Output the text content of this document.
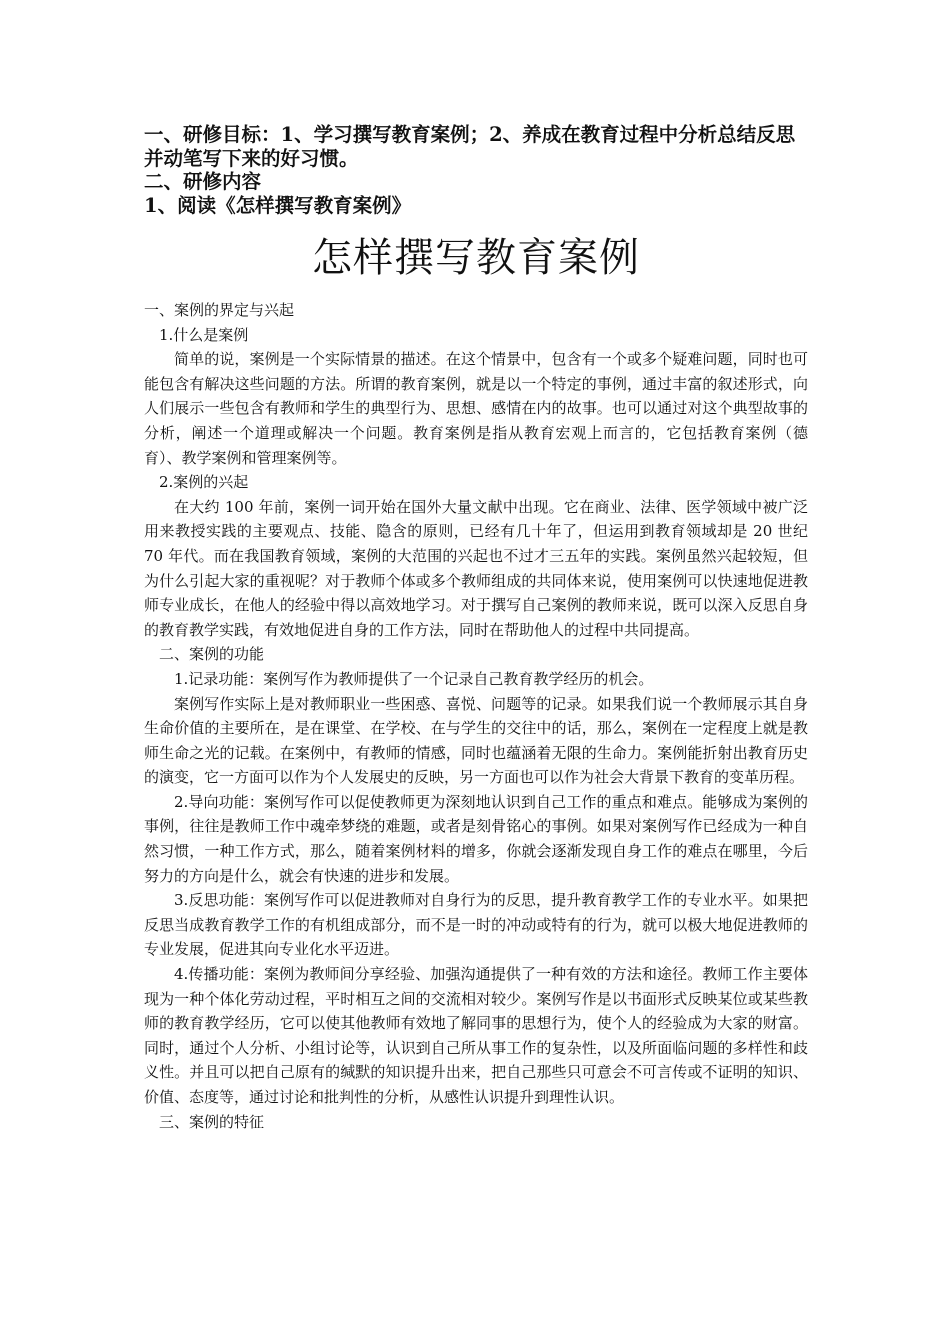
一、研修目标：1、学习撰写教育案例；2、养成在教育过程中分析总结反思并动笔写下来的好习惯。

二、研修内容

1、阅读《怎样撰写教育案例》

怎样撰写教育案例

一、案例的界定与兴起

1.什么是案例

简单的说，案例是一个实际情景的描述。在这个情景中，包含有一个或多个疑难问题，同时也可能包含有解决这些问题的方法。所谓的教育案例，就是以一个特定的事例，通过丰富的叙述形式，向人们展示一些包含有教师和学生的典型行为、思想、感情在内的故事。也可以通过对这个典型故事的分析，阐述一个道理或解决一个问题。教育案例是指从教育宏观上而言的，它包括教育案例（德育）、教学案例和管理案例等。

2.案例的兴起

在大约 100 年前，案例一词开始在国外大量文献中出现。它在商业、法律、医学领域中被广泛用来教授实践的主要观点、技能、隐含的原则，已经有几十年了，但运用到教育领域却是 20 世纪 70 年代。而在我国教育领域，案例的大范围的兴起也不过才三五年的实践。案例虽然兴起较短，但为什么引起大家的重视呢？对于教师个体或多个教师组成的共同体来说，使用案例可以快速地促进教师专业成长，在他人的经验中得以高效地学习。对于撰写自己案例的教师来说，既可以深入反思自身的教育教学实践，有效地促进自身的工作方法，同时在帮助他人的过程中共同提高。

二、案例的功能

1.记录功能：案例写作为教师提供了一个记录自己教育教学经历的机会。

案例写作实际上是对教师职业一些困惑、喜悦、问题等的记录。如果我们说一个教师展示其自身生命价值的主要所在，是在课堂、在学校、在与学生的交往中的话，那么，案例在一定程度上就是教师生命之光的记载。在案例中，有教师的情感，同时也蕴涵着无限的生命力。案例能折射出教育历史的演变，它一方面可以作为个人发展史的反映，另一方面也可以作为社会大背景下教育的变革历程。

2.导向功能：案例写作可以促使教师更为深刻地认识到自己工作的重点和难点。能够成为案例的事例，往往是教师工作中魂牵梦绕的难题，或者是刻骨铭心的事例。如果对案例写作已经成为一种自然习惯，一种工作方式，那么，随着案例材料的增多，你就会逐渐发现自身工作的难点在哪里，今后努力的方向是什么，就会有快速的进步和发展。

3.反思功能：案例写作可以促进教师对自身行为的反思，提升教育教学工作的专业水平。如果把反思当成教育教学工作的有机组成部分，而不是一时的冲动或特有的行为，就可以极大地促进教师的专业发展，促进其向专业化水平迈进。

4.传播功能：案例为教师间分享经验、加强沟通提供了一种有效的方法和途径。教师工作主要体现为一种个体化劳动过程，平时相互之间的交流相对较少。案例写作是以书面形式反映某位或某些教师的教育教学经历，它可以使其他教师有效地了解同事的思想行为，使个人的经验成为大家的财富。同时，通过个人分析、小组讨论等，认识到自己所从事工作的复杂性，以及所面临问题的多样性和歧义性。并且可以把自己原有的缄默的知识提升出来，把自己那些只可意会不可言传或不证明的知识、价值、态度等，通过讨论和批判性的分析，从感性认识提升到理性认识。

三、案例的特征
